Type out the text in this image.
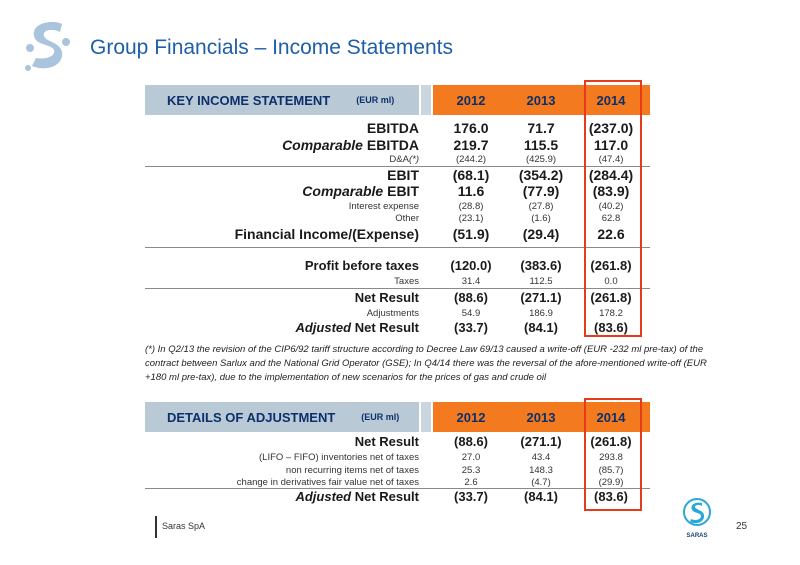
Group Financials – Income Statements
KEY INCOME STATEMENT	(EUR ml)	2012	2013	2014
EBITDA	176.0	71.7	(237.0)
Comparable EBITDA	219.7	115.5	117.0
D&A(*)	(244.2)	(425.9)	(47.4)
EBIT	(68.1)	(354.2)	(284.4)
Comparable EBIT	11.6	(77.9)	(83.9)
Interest expense	(28.8)	(27.8)	(40.2)
Other	(23.1)	(1.6)	62.8
Financial Income/(Expense)	(51.9)	(29.4)	22.6
Profit before taxes	(120.0)	(383.6)	(261.8)
Taxes	31.4	112.5	0.0
Net Result	(88.6)	(271.1)	(261.8)
Adjustments	54.9	186.9	178.2
Adjusted Net Result	(33.7)	(84.1)	(83.6)
(*) In Q2/13 the revision of the CIP6/92 tariff structure according to Decree Law 69/13 caused a write-off (EUR -232 ml pre-tax) of the contract between Sarlux and the National Grid Operator (GSE); In Q4/14 there was the reversal of the afore-mentioned write-off (EUR +180 ml pre-tax), due to the implementation of new scenarios for the prices of gas and crude oil
DETAILS OF ADJUSTMENT	(EUR ml)	2012	2013	2014
Net Result	(88.6)	(271.1)	(261.8)
(LIFO – FIFO) inventories net of taxes	27.0	43.4	293.8
non recurring items net of taxes	25.3	148.3	(85.7)
change in derivatives fair value net of taxes	2.6	(4.7)	(29.9)
Adjusted Net Result	(33.7)	(84.1)	(83.6)
Saras SpA
SARAS
25
